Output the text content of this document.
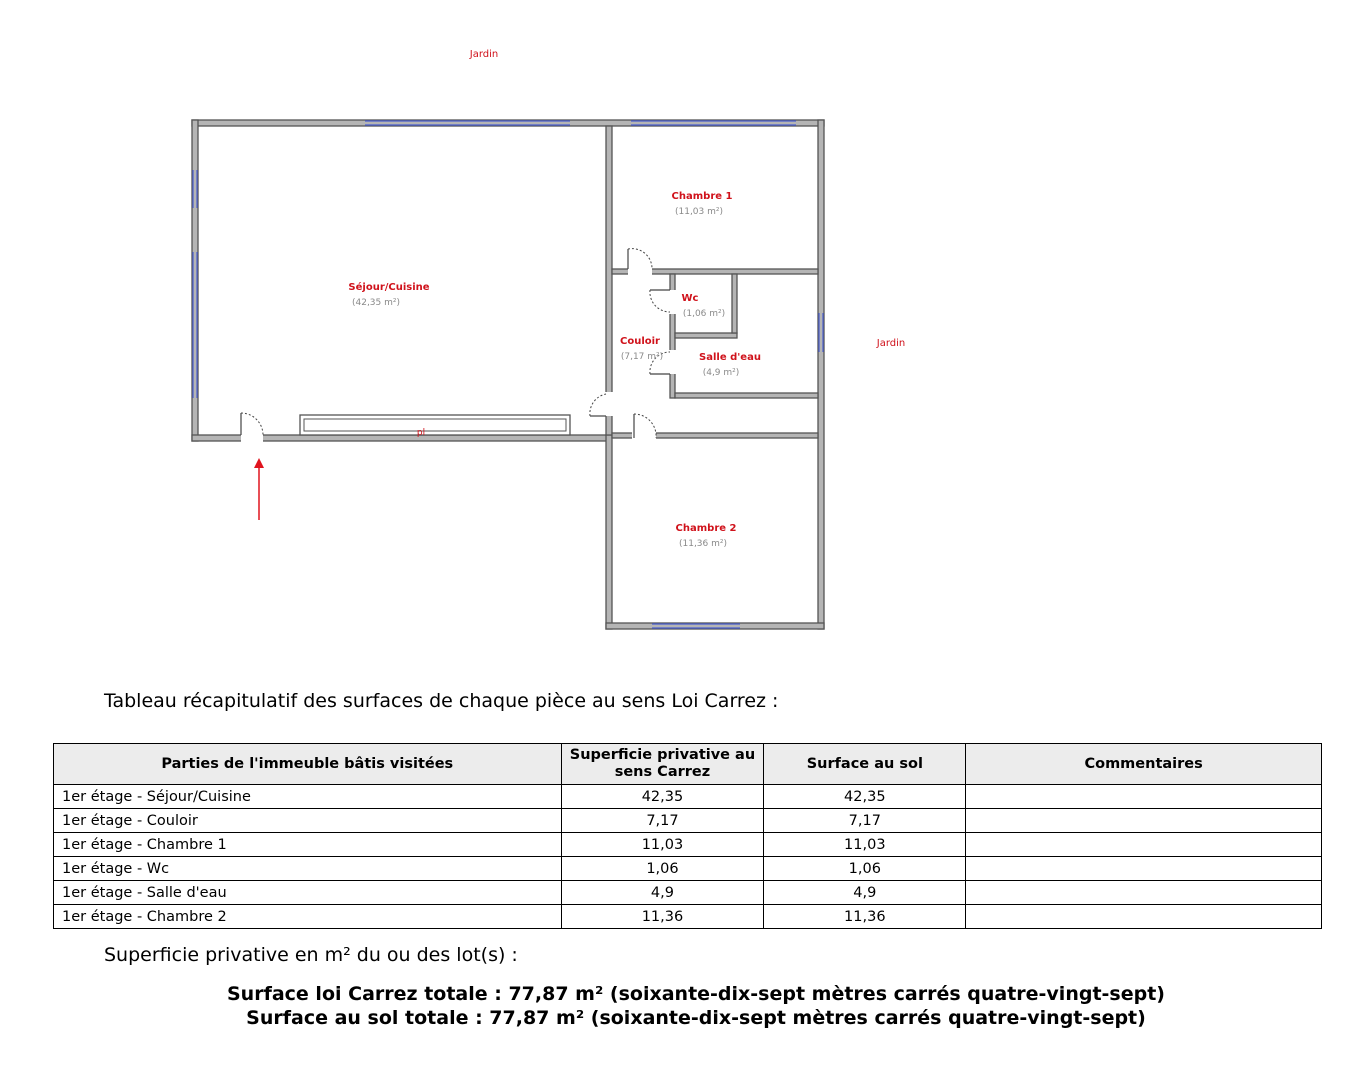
Jardin
Jardin
Séjour/Cuisine
(42,35 m²)
Chambre 1
(11,03 m²)
Wc
(1,06 m²)
Couloir
(7,17 m²)	Salle d'eau
(4,9 m²)
Chambre 2
(11,36 m²)
pl
Tableau récapitulatif des surfaces de chaque pièce au sens Loi Carrez :
Parties de l'immeuble bâtis visitées	Superficie privative au sens Carrez	Surface au sol	Commentaires
1er étage - Séjour/Cuisine	42,35	42,35	
1er étage - Couloir	7,17	7,17	
1er étage - Chambre 1	11,03	11,03	
1er étage - Wc	1,06	1,06	
1er étage - Salle d'eau	4,9	4,9	
1er étage - Chambre 2	11,36	11,36	
Superficie privative en m² du ou des lot(s) :
Surface loi Carrez totale : 77,87 m² (soixante-dix-sept mètres carrés quatre-vingt-sept)
Surface au sol totale : 77,87 m² (soixante-dix-sept mètres carrés quatre-vingt-sept)
